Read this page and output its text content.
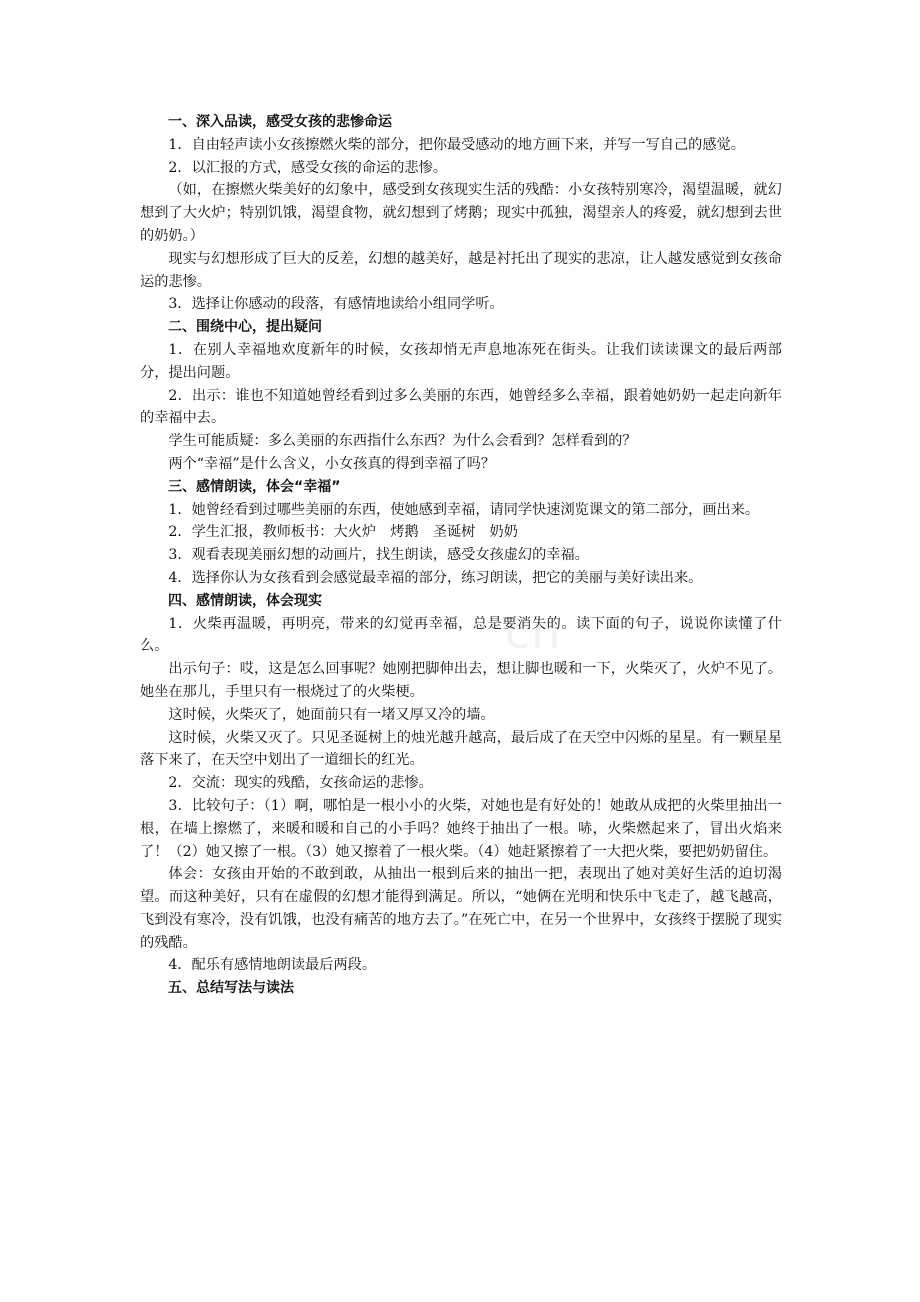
一、深入品读，感受女孩的悲惨命运

1．自由轻声读小女孩擦燃火柴的部分，把你最受感动的地方画下来，并写一写自己的感觉。

2．以汇报的方式，感受女孩的命运的悲惨。

（如，在擦燃火柴美好的幻象中，感受到女孩现实生活的残酷：小女孩特别寒冷，渴望温暖，就幻想到了大火炉；特别饥饿，渴望食物，就幻想到了烤鹅；现实中孤独，渴望亲人的疼爱，就幻想到去世的奶奶。）

现实与幻想形成了巨大的反差，幻想的越美好，越是衬托出了现实的悲凉，让人越发感觉到女孩命运的悲惨。

3．选择让你感动的段落，有感情地读给小组同学听。

二、围绕中心，提出疑问

1．在别人幸福地欢度新年的时候，女孩却悄无声息地冻死在街头。让我们读读课文的最后两部分，提出问题。

2．出示：谁也不知道她曾经看到过多么美丽的东西，她曾经多么幸福，跟着她奶奶一起走向新年的幸福中去。

学生可能质疑：多么美丽的东西指什么东西？为什么会看到？怎样看到的？

两个“幸福”是什么含义，小女孩真的得到幸福了吗？

三、感情朗读，体会“幸福”

1．她曾经看到过哪些美丽的东西，使她感到幸福，请同学快速浏览课文的第二部分，画出来。

2．学生汇报，教师板书：大火炉　烤鹅　圣诞树　奶奶

3．观看表现美丽幻想的动画片，找生朗读，感受女孩虚幻的幸福。

4．选择你认为女孩看到会感觉最幸福的部分，练习朗读，把它的美丽与美好读出来。

四、感情朗读，体会现实

1．火柴再温暖，再明亮，带来的幻觉再幸福，总是要消失的。读下面的句子，说说你读懂了什么。

出示句子：哎，这是怎么回事呢？她刚把脚伸出去，想让脚也暖和一下，火柴灭了，火炉不见了。她坐在那儿，手里只有一根烧过了的火柴梗。

这时候，火柴灭了，她面前只有一堵又厚又冷的墙。

这时候，火柴又灭了。只见圣诞树上的烛光越升越高，最后成了在天空中闪烁的星星。有一颗星星落下来了，在天空中划出了一道细长的红光。

2．交流：现实的残酷，女孩命运的悲惨。

3．比较句子：（1）啊，哪怕是一根小小的火柴，对她也是有好处的！她敢从成把的火柴里抽出一根，在墙上擦燃了，来暖和暖和自己的小手吗？她终于抽出了一根。哧，火柴燃起来了，冒出火焰来了！（2）她又擦了一根。（3）她又擦着了一根火柴。（4）她赶紧擦着了一大把火柴，要把奶奶留住。

体会：女孩由开始的不敢到敢，从抽出一根到后来的抽出一把，表现出了她对美好生活的迫切渴望。而这种美好，只有在虚假的幻想才能得到满足。所以，“她俩在光明和快乐中飞走了，越飞越高，飞到没有寒冷，没有饥饿，也没有痛苦的地方去了。”在死亡中，在另一个世界中，女孩终于摆脱了现实的残酷。

4．配乐有感情地朗读最后两段。

五、总结写法与读法

cn
